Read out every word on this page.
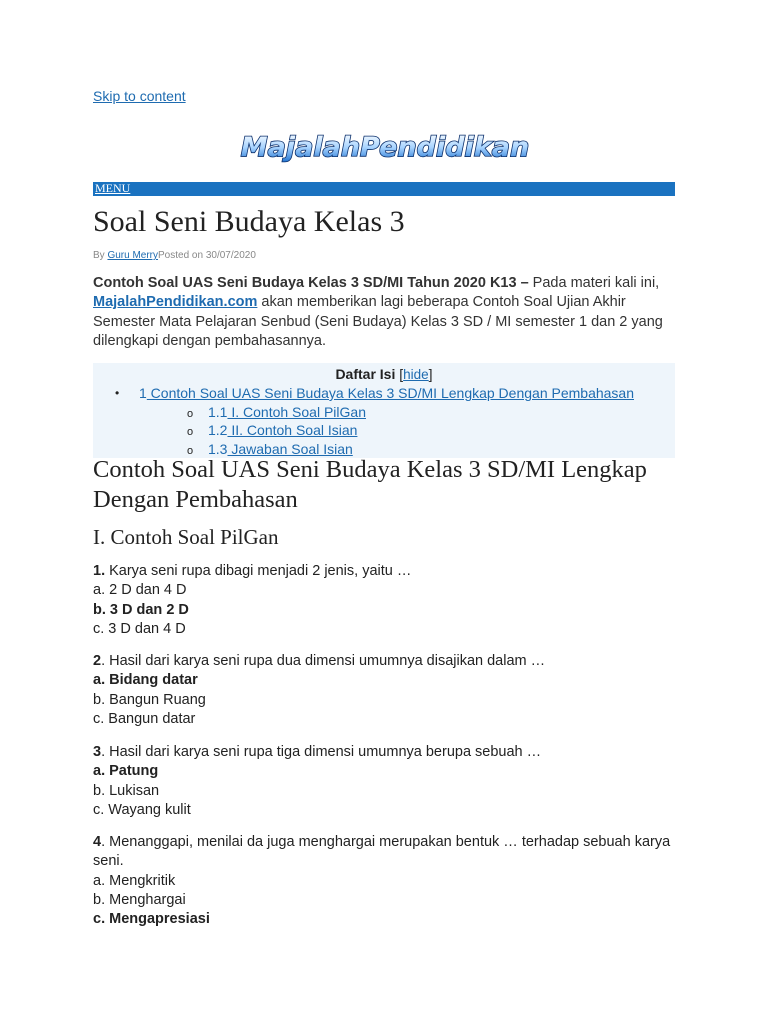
Skip to content
MajalahPendidikan
MENU
Soal Seni Budaya Kelas 3
By Guru MerryPosted on 30/07/2020

Contoh Soal UAS Seni Budaya Kelas 3 SD/MI Tahun 2020 K13 – Pada materi kali ini, MajalahPendidikan.com akan memberikan lagi beberapa Contoh Soal Ujian Akhir Semester Mata Pelajaran Senbud (Seni Budaya) Kelas 3 SD / MI semester 1 dan 2 yang dilengkapi dengan pembahasannya.

Daftar Isi [hide]
• 1 Contoh Soal UAS Seni Budaya Kelas 3 SD/MI Lengkap Dengan Pembahasan
o 1.1 I. Contoh Soal PilGan
o 1.2 II. Contoh Soal Isian
o 1.3 Jawaban Soal Isian
Contoh Soal UAS Seni Budaya Kelas 3 SD/MI Lengkap Dengan Pembahasan
I. Contoh Soal PilGan
1. Karya seni rupa dibagi menjadi 2 jenis, yaitu …
a. 2 D dan 4 D
b. 3 D dan 2 D
c. 3 D dan 4 D
2. Hasil dari karya seni rupa dua dimensi umumnya disajikan dalam …
a. Bidang datar
b. Bangun Ruang
c. Bangun datar
3. Hasil dari karya seni rupa tiga dimensi umumnya berupa sebuah …
a. Patung
b. Lukisan
c. Wayang kulit
4. Menanggapi, menilai da juga menghargai merupakan bentuk … terhadap sebuah karya seni.
a. Mengkritik
b. Menghargai
c. Mengapresiasi
